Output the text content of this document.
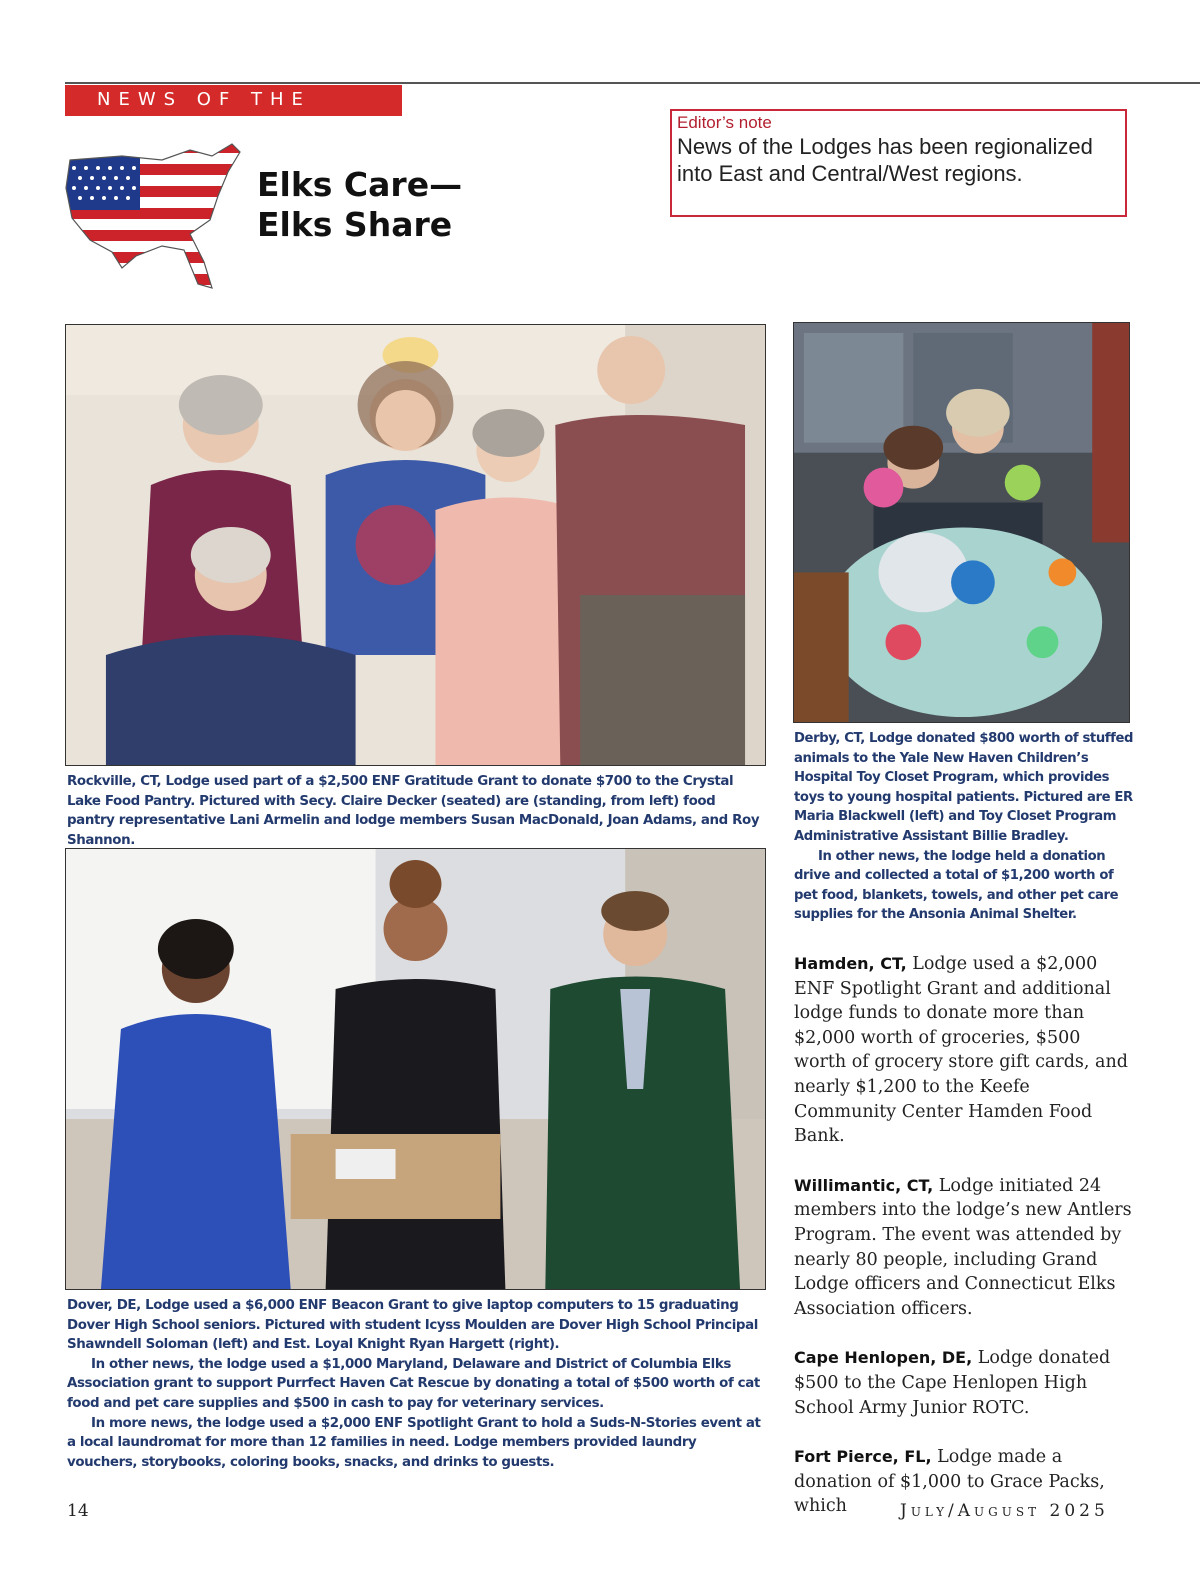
NEWS OF THE LODGES
Elks Care—
Elks Share
Editor’s note
News of the Lodges has been regionalized
into East and Central/West regions.
Rockville, CT, Lodge used part of a $2,500 ENF Gratitude Grant to donate $700 to the Crystal Lake Food Pantry. Pictured with Secy. Claire Decker (seated) are (standing, from left) food pantry representative Lani Armelin and lodge members Susan MacDonald, Joan Adams, and Roy Shannon.

Derby, CT, Lodge donated $800 worth of stuffed animals to the Yale New Haven Children’s Hospital Toy Closet Program, which provides toys to young hospital patients. Pictured are ER Maria Blackwell (left) and Toy Closet Program Administrative Assistant Billie Bradley.

In other news, the lodge held a donation drive and collected a total of $1,200 worth of pet food, blankets, towels, and other pet care supplies for the Ansonia Animal Shelter.

Dover, DE, Lodge used a $6,000 ENF Beacon Grant to give laptop computers to 15 graduating Dover High School seniors. Pictured with student Icyss Moulden are Dover High School Principal Shawndell Soloman (left) and Est. Loyal Knight Ryan Hargett (right).

In other news, the lodge used a $1,000 Maryland, Delaware and District of Columbia Elks Association grant to support Purrfect Haven Cat Rescue by donating a total of $500 worth of cat food and pet care supplies and $500 in cash to pay for veterinary services.

In more news, the lodge used a $2,000 ENF Spotlight Grant to hold a Suds-N-Stories event at a local laundromat for more than 12 families in need. Lodge members provided laundry vouchers, storybooks, coloring books, snacks, and drinks to guests.

Hamden, CT, Lodge used a $2,000 ENF Spotlight Grant and additional lodge funds to donate more than $2,000 worth of groceries, $500 worth of grocery store gift cards, and nearly $1,200 to the Keefe Community Center Hamden Food Bank.

Willimantic, CT, Lodge initiated 24 members into the lodge’s new Antlers Program. The event was attended by nearly 80 people, including Grand Lodge officers and Connecticut Elks Association officers.

Cape Henlopen, DE, Lodge donated $500 to the Cape Henlopen High School Army Junior ROTC.

Fort Pierce, FL, Lodge made a donation of $1,000 to Grace Packs, which

14	July/August 2025
